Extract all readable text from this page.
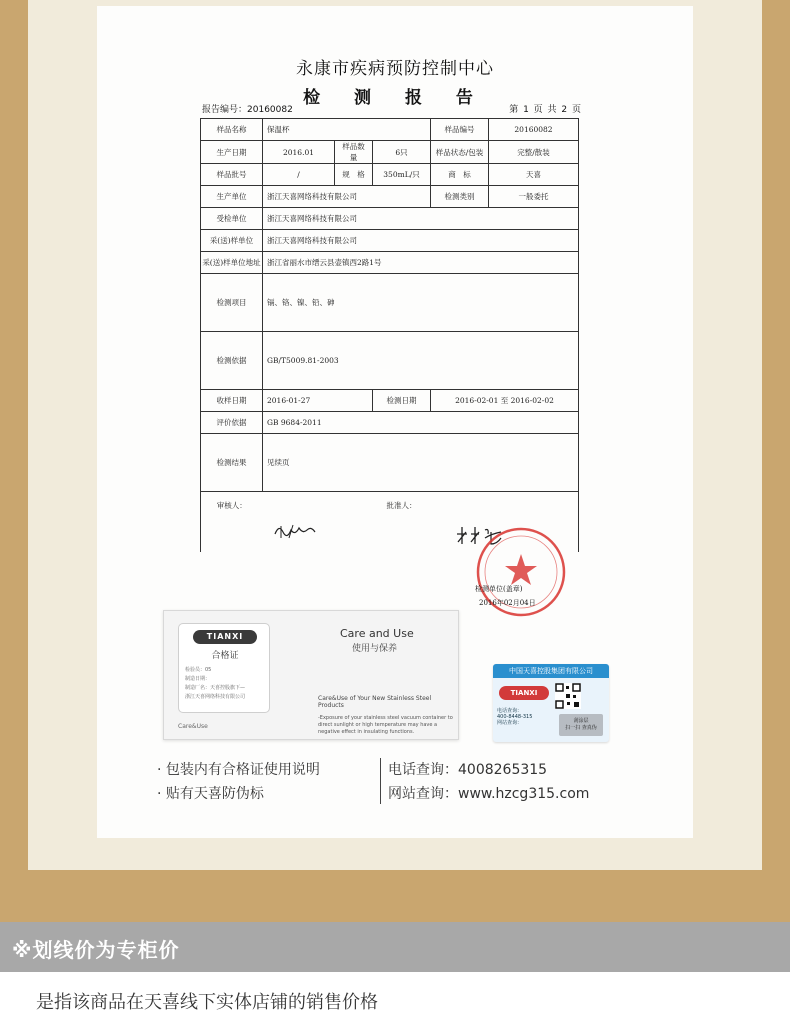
永康市疾病预防控制中心
检 测 报 告
报告编号：20160082	第 1 页 共 2 页
样品名称	保温杯			样品编号	20160082
生产日期	2016.01	样品数量	6只	样品状态/包装	完整/散装
样品批号	/	规　格	350mL/只	商　标	天喜
生产单位	浙江天喜网络科技有限公司			检测类别	一般委托
受检单位	浙江天喜网络科技有限公司				
采(送)样单位	浙江天喜网络科技有限公司				
采(送)样单位地址	浙江省丽水市缙云县壶镇西2路1号				
检测项目	镉、铬、镍、铅、砷				
检测依据	GB/T5009.81-2003				
收样日期	2016-01-27		检测日期	2016-02-01 至 2016-02-02	
评价依据	GB 9684-2011				
检测结果	见续页				
审核人：			批准人：		
检测单位(盖章)
2016年02月04日
TIANXI
合格证
检验员：05
制造日期：
制造厂名：天喜控股旗下—
浙江天喜网络科技有限公司
Care&Use
Care and Use
使用与保养
Care&Use of Your New Stainless Steel Products
-Exposure of your stainless steel vacuum container to direct sunlight or high temperature may have a negative effect in insulating functions.
中国天喜控股集团有限公司
TIANXI
电话查询：
400-8448-315
网站查询：	刮涂层
扫一扫 查真伪
· 包装内有合格证使用说明
· 贴有天喜防伪标
电话查询：4008265315
网站查询：www.hzcg315.com
※划线价为专柜价
是指该商品在天喜线下实体店铺的销售价格
